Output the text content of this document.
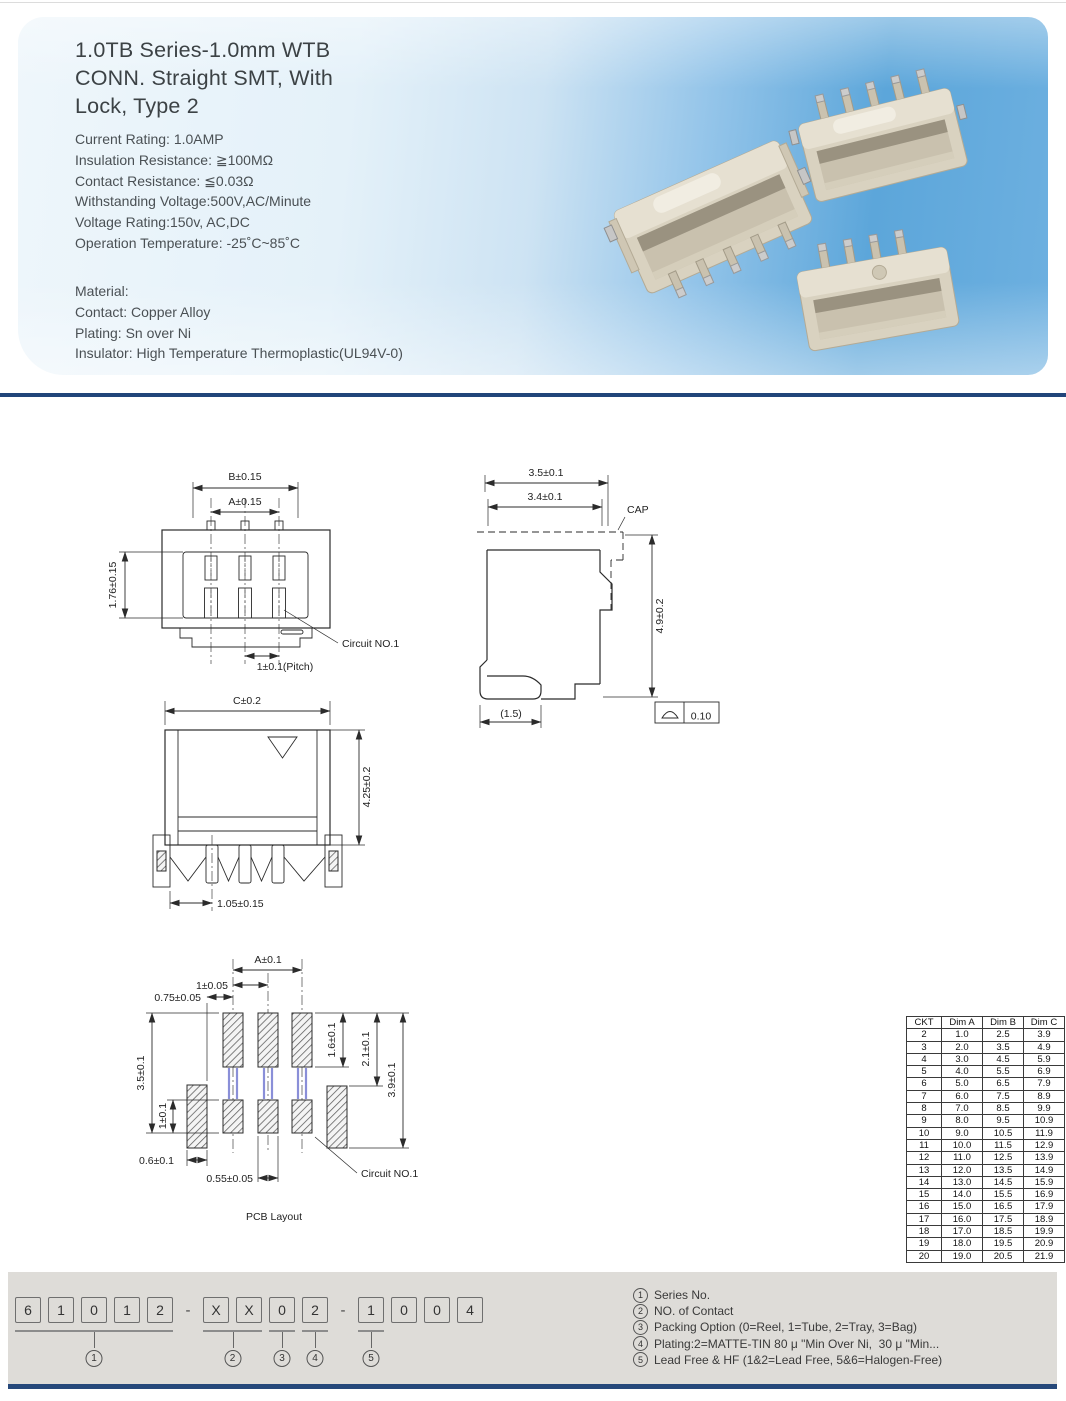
1.0TB Series-1.0mm WTB
CONN. Straight SMT, With
Lock, Type 2
Current Rating: 1.0AMP
Insulation Resistance: ≧100MΩ
Contact Resistance: ≦0.03Ω
Withstanding Voltage:500V,AC/Minute
Voltage Rating:150v, AC,DC
Operation Temperature: -25˚C~85˚C
Material:
Contact: Copper Alloy
Plating: Sn over Ni
Insulator: High Temperature Thermoplastic(UL94V-0)
B±0.15
A±0.15
1.76±0.15
1±0.1(Pitch)
Circuit NO.1
3.5±0.1
3.4±0.1
CAP
4.9±0.2
(1.5)	0.10
C±0.2
4.25±0.2
1.05±0.15
A±0.1
1±0.05
0.75±0.05
3.5±0.1
1±0.1
0.6±0.1
0.55±0.05
1.6±0.1 2.1±0.1
3.9±0.1
Circuit NO.1
PCB Layout
CKT	Dim A	Dim B	Dim C
2	1.0	2.5	3.9
3	2.0	3.5	4.9
4	3.0	4.5	5.9
5	4.0	5.5	6.9
6	5.0	6.5	7.9
7	6.0	7.5	8.9
8	7.0	8.5	9.9
9	8.0	9.5	10.9
10	9.0	10.5	11.9
11	10.0	11.5	12.9
12	11.0	12.5	13.9
13	12.0	13.5	14.9
14	13.0	14.5	15.9
15	14.0	15.5	16.9
16	15.0	16.5	17.9
17	16.0	17.5	18.9
18	17.0	18.5	19.9
19	18.0	19.5	20.9
20	19.0	20.5	21.9
6	1	0	1	2
1
-	X	X
2
0
3
2
4
-	1
5
0	0	4
1 Series No.
2 NO. of Contact
3 Packing Option (0=Reel, 1=Tube, 2=Tray, 3=Bag)
4 Plating:2=MATTE-TIN 80 μ "Min Over Ni,  30 μ "Min...
5 Lead Free & HF (1&2=Lead Free, 5&6=Halogen-Free)
